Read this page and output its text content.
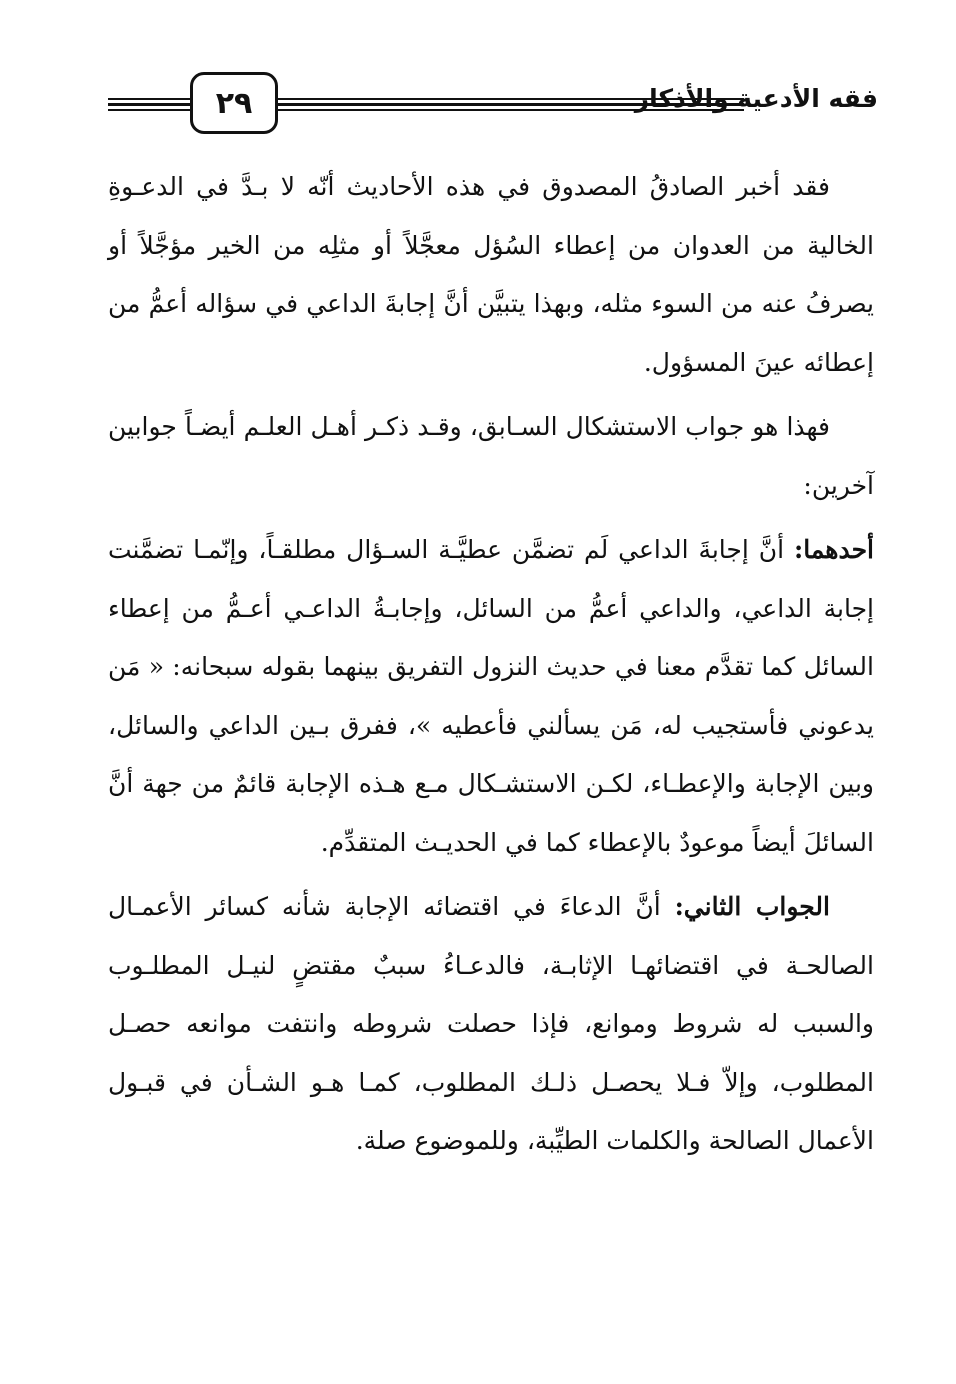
٢٩	فقه الأدعية والأذكار

فقد أخبر الصادقُ المصدوق في هذه الأحاديث أنّه لا بـدَّ في الدعـوةِ الخالية من العدوان من إعطاء السُؤل معجَّلاً أو مثلِه من الخير مؤجَّلاً أو يصرفُ عنه من السوء مثله، وبهذا يتبيَّن أنَّ إجابةَ الداعي في سؤاله أعمُّ من إعطائه عينَ المسؤول.

فهذا هو جواب الاستشكال السـابق، وقـد ذكـر أهـل العلـم أيضـاً جوابين آخرين:

أحدهما: أنَّ إجابةَ الداعي لَم تضمَّن عطيَّـة السـؤال مطلقـاً، وإنّمـا تضمَّنت إجابة الداعي، والداعي أعمُّ من السائل، وإجابـةُ الداعـي أعـمُّ من إعطاء السائل كما تقدَّم معنا في حديث النزول التفريق بينهما بقوله سبحانه: « مَن يدعوني فأستجيب له، مَن يسألني فأعطيه »، ففرق بـين الداعي والسائل، وبين الإجابة والإعطـاء، لكـن الاستشـكال مـع هـذه الإجابة قائمٌ من جهة أنَّ السائلَ أيضاً موعودٌ بالإعطاء كما في الحديـث المتقدِّم.

الجواب الثاني: أنَّ الدعاءَ في اقتضائه الإجابة شأنه كسائر الأعمـال الصالحـة في اقتضائهـا الإثابـة، فالدعـاءُ سببٌ مقتضٍ لنيـل المطلـوب والسبب له شروط وموانع، فإذا حصلت شروطه وانتفت موانعه حصـل المطلوب، وإلاّ فـلا يحصـل ذلـك المطلوب، كمـا هـو الشـأن في قبـول الأعمال الصالحة والكلمات الطيِّبة، وللموضوع صلة.
